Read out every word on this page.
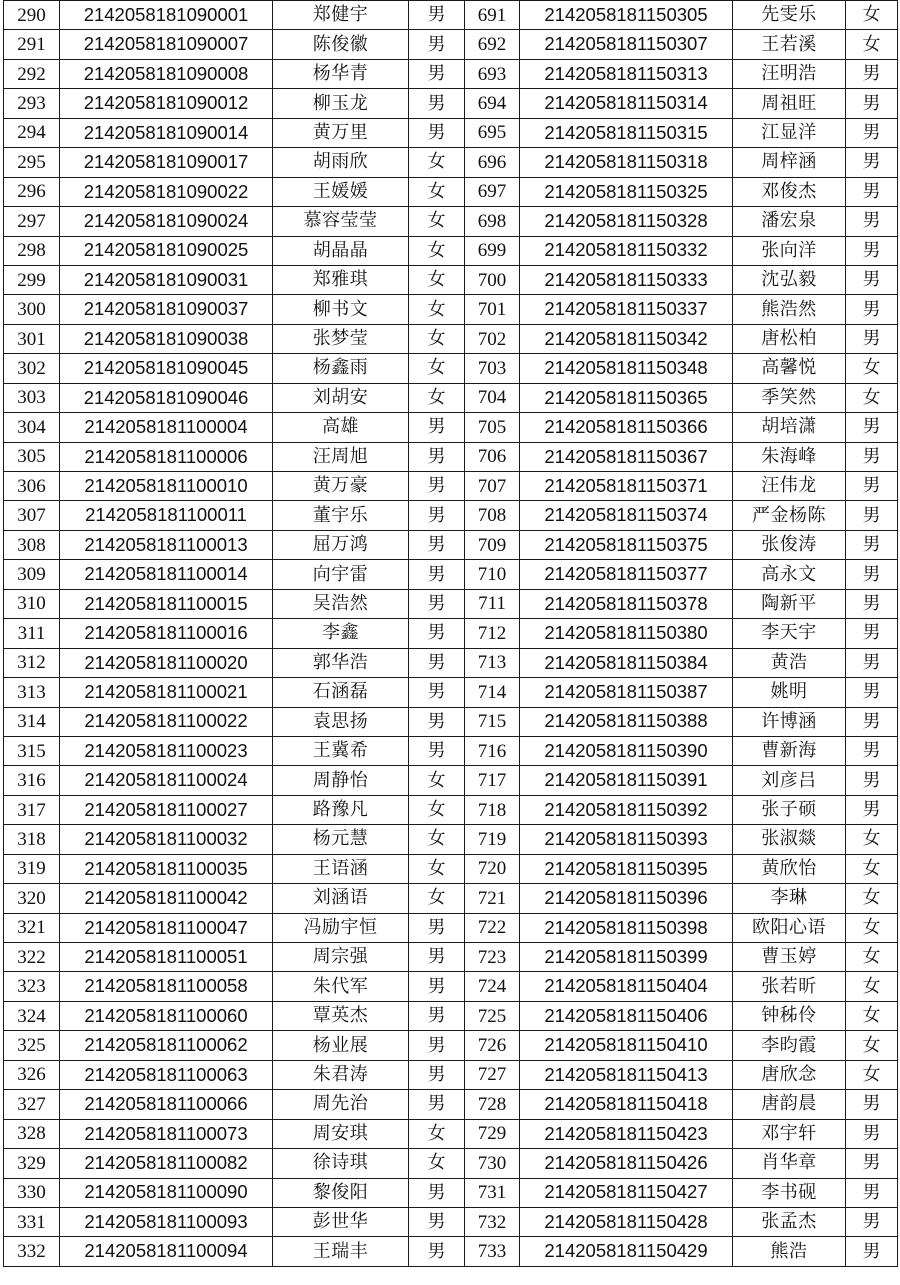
290	2142058181090001	郑健宇	男	691	2142058181150305	先雯乐	女
291	2142058181090007	陈俊徽	男	692	2142058181150307	王若溪	女
292	2142058181090008	杨华青	男	693	2142058181150313	汪明浩	男
293	2142058181090012	柳玉龙	男	694	2142058181150314	周祖旺	男
294	2142058181090014	黄万里	男	695	2142058181150315	江显洋	男
295	2142058181090017	胡雨欣	女	696	2142058181150318	周梓涵	男
296	2142058181090022	王媛媛	女	697	2142058181150325	邓俊杰	男
297	2142058181090024	慕容莹莹	女	698	2142058181150328	潘宏泉	男
298	2142058181090025	胡晶晶	女	699	2142058181150332	张向洋	男
299	2142058181090031	郑雅琪	女	700	2142058181150333	沈弘毅	男
300	2142058181090037	柳书文	女	701	2142058181150337	熊浩然	男
301	2142058181090038	张梦莹	女	702	2142058181150342	唐松柏	男
302	2142058181090045	杨鑫雨	女	703	2142058181150348	高馨悦	女
303	2142058181090046	刘胡安	女	704	2142058181150365	季笑然	女
304	2142058181100004	高雄	男	705	2142058181150366	胡培潇	男
305	2142058181100006	汪周旭	男	706	2142058181150367	朱海峰	男
306	2142058181100010	黄万豪	男	707	2142058181150371	汪伟龙	男
307	2142058181100011	董宇乐	男	708	2142058181150374	严金杨陈	男
308	2142058181100013	屈万鸿	男	709	2142058181150375	张俊涛	男
309	2142058181100014	向宇雷	男	710	2142058181150377	高永文	男
310	2142058181100015	吴浩然	男	711	2142058181150378	陶新平	男
311	2142058181100016	李鑫	男	712	2142058181150380	李天宇	男
312	2142058181100020	郭华浩	男	713	2142058181150384	黄浩	男
313	2142058181100021	石涵磊	男	714	2142058181150387	姚明	男
314	2142058181100022	袁思扬	男	715	2142058181150388	许博涵	男
315	2142058181100023	王冀希	男	716	2142058181150390	曹新海	男
316	2142058181100024	周静怡	女	717	2142058181150391	刘彦吕	男
317	2142058181100027	路豫凡	女	718	2142058181150392	张子硕	男
318	2142058181100032	杨元慧	女	719	2142058181150393	张淑燚	女
319	2142058181100035	王语涵	女	720	2142058181150395	黄欣怡	女
320	2142058181100042	刘涵语	女	721	2142058181150396	李琳	女
321	2142058181100047	冯励宇恒	男	722	2142058181150398	欧阳心语	女
322	2142058181100051	周宗强	男	723	2142058181150399	曹玉婷	女
323	2142058181100058	朱代军	男	724	2142058181150404	张若昕	女
324	2142058181100060	覃英杰	男	725	2142058181150406	钟秭伶	女
325	2142058181100062	杨业展	男	726	2142058181150410	李昀霞	女
326	2142058181100063	朱君涛	男	727	2142058181150413	唐欣念	女
327	2142058181100066	周先治	男	728	2142058181150418	唐韵晨	男
328	2142058181100073	周安琪	女	729	2142058181150423	邓宇轩	男
329	2142058181100082	徐诗琪	女	730	2142058181150426	肖华章	男
330	2142058181100090	黎俊阳	男	731	2142058181150427	李书砚	男
331	2142058181100093	彭世华	男	732	2142058181150428	张孟杰	男
332	2142058181100094	王瑞丰	男	733	2142058181150429	熊浩	男
